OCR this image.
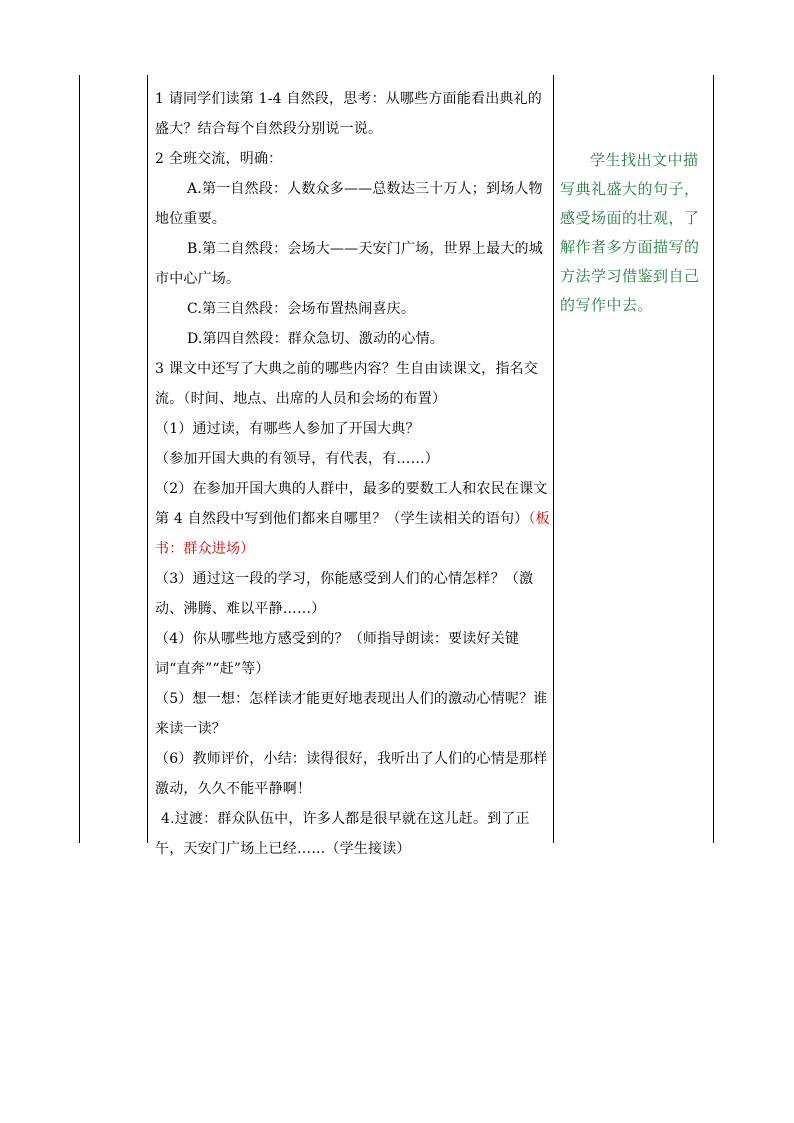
1 请同学们读第 1-4 自然段，思考：从哪些方面能看出典礼的盛大？结合每个自然段分别说一说。

2 全班交流，明确：

A.第一自然段：人数众多——总数达三十万人；到场人物地位重要。

B.第二自然段：会场大——天安门广场，世界上最大的城市中心广场。

C.第三自然段：会场布置热闹喜庆。

D.第四自然段：群众急切、激动的心情。

3 课文中还写了大典之前的哪些内容？生自由读课文，指名交流。（时间、地点、出席的人员和会场的布置）

（1）通过读，有哪些人参加了开国大典？

（参加开国大典的有领导，有代表，有……）

（2）在参加开国大典的人群中，最多的要数工人和农民在课文第 4 自然段中写到他们都来自哪里？（学生读相关的语句）（板书：群众进场）

（3）通过这一段的学习，你能感受到人们的心情怎样？（激动、沸腾、难以平静……）

（4）你从哪些地方感受到的？（师指导朗读：要读好关键词“直奔”“赶”等）

（5）想一想：怎样读才能更好地表现出人们的激动心情呢？谁来读一读？

（6）教师评价，小结：读得很好，我听出了人们的心情是那样激动，久久不能平静啊！

4.过渡：群众队伍中，许多人都是很早就在这儿赶。到了正午，天安门广场上已经……（学生接读）

学生找出文中描写典礼盛大的句子，感受场面的壮观，了解作者多方面描写的方法学习借鉴到自己的写作中去。
